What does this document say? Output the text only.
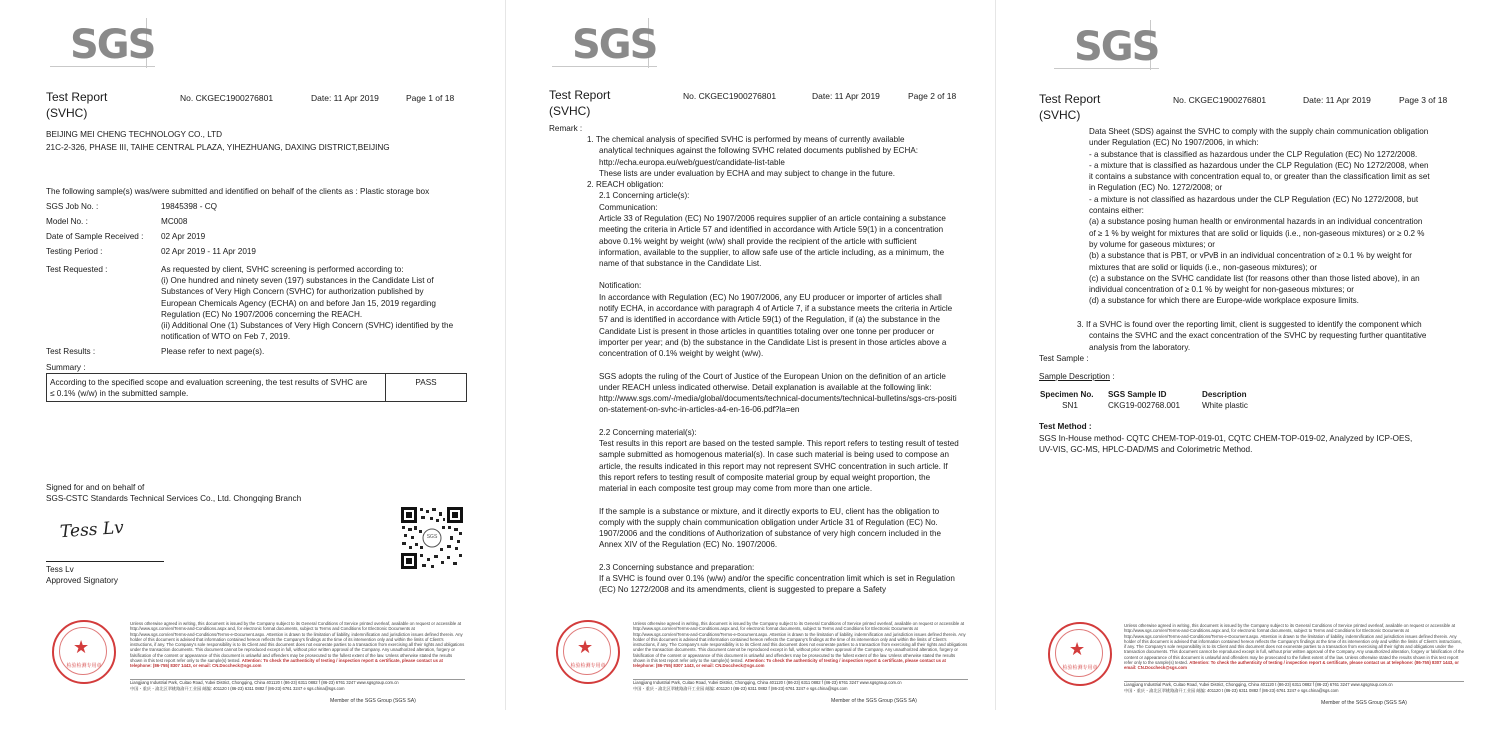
SGS
Test Report
(SVHC)
No. CKGEC1900276801	Date: 11 Apr 2019	Page 1 of 18
BEIJING MEI CHENG TECHNOLOGY CO., LTD
21C-2-326, PHASE III, TAIHE CENTRAL PLAZA, YIHEZHUANG, DAXING DISTRICT,BEIJING
The following sample(s) was/were submitted and identified on behalf of the clients as : Plastic storage box
SGS Job No. :	19845398 - CQ
Model No. :	MC008
Date of Sample Received : 02 Apr 2019
Testing Period :	02 Apr 2019 - 11 Apr 2019
Test Requested :	As requested by client, SVHC screening is performed according to:
(i) One hundred and ninety seven (197) substances in the Candidate List of
Substances of Very High Concern (SVHC) for authorization published by
European Chemicals Agency (ECHA) on and before Jan 15, 2019 regarding
Regulation (EC) No 1907/2006 concerning the REACH.
(ii) Additional One (1) Substances of Very High Concern (SVHC) identified by the
notification of WTO on Feb 7, 2019.
Test Results :	Please refer to next page(s).
Summary :
According to the specified scope and evaluation screening, the test results of SVHC are
≤ 0.1% (w/w) in the submitted sample.
PASS
Signed for and on behalf of
SGS-CSTC Standards Technical Services Co., Ltd. Chongqing Branch
Tess Lv
Tess Lv
Approved Signatory
SGS
★
检验检测专用章
Unless otherwise agreed in writing, this document is issued by the Company subject to its General Conditions of Service printed overleaf, available on request or accessible at http://www.sgs.com/en/Terms-and-Conditions.aspx and, for electronic format documents, subject to Terms and Conditions for Electronic Documents at http://www.sgs.com/en/Terms-and-Conditions/Terms-e-Document.aspx. Attention is drawn to the limitation of liability, indemnification and jurisdiction issues defined therein. Any holder of this document is advised that information contained hereon reflects the Company's findings at the time of its intervention only and within the limits of Client's instructions, if any. The Company's sole responsibility is to its Client and this document does not exonerate parties to a transaction from exercising all their rights and obligations under the transaction documents. This document cannot be reproduced except in full, without prior written approval of the Company. Any unauthorized alteration, forgery or falsification of the content or appearance of this document is unlawful and offenders may be prosecuted to the fullest extent of the law. Unless otherwise stated the results shown in this test report refer only to the sample(s) tested. Attention: To check the authenticity of testing / inspection report & certificate, please contact us at telephone: (86-755) 8307 1443, or email: CN.Doccheck@sgs.com
Liangjiang Industrial Park, Cuitao Road, Yubei District, Chongqing, China 401120 t (86-23) 6311 0882 f (86-23) 6761 3247 www.sgsgroup.com.cn
中国・重庆・渝北区翠桃路渝开工业园 邮编: 401120 t (86-23) 6311 0882 f (86-23) 6761 3247 e sgs.china@sgs.com
Member of the SGS Group (SGS SA)
SGS
Test Report
(SVHC)
No. CKGEC1900276801	Date: 11 Apr 2019	Page 2 of 18
Remark :
1. The chemical analysis of specified SVHC is performed by means of currently available
analytical techniques against the following SVHC related documents published by ECHA:
http://echa.europa.eu/web/guest/candidate-list-table
These lists are under evaluation by ECHA and may subject to change in the future.
2. REACH obligation:
2.1 Concerning article(s):
Communication:

Article 33 of Regulation (EC) No 1907/2006 requires supplier of an article containing a substance meeting the criteria in Article 57 and identified in accordance with Article 59(1) in a concentration above 0.1% weight by weight (w/w) shall provide the recipient of the article with sufficient information, available to the supplier, to allow safe use of the article including, as a minimum, the name of that substance in the Candidate List.

Notification:

In accordance with Regulation (EC) No 1907/2006, any EU producer or importer of articles shall notify ECHA, in accordance with paragraph 4 of Article 7, if a substance meets the criteria in Article 57 and is identified in accordance with Article 59(1) of the Regulation, if (a) the substance in the Candidate List is present in those articles in quantities totaling over one tonne per producer or importer per year; and (b) the substance in the Candidate List is present in those articles above a concentration of 0.1% weight by weight (w/w).

SGS adopts the ruling of the Court of Justice of the European Union on the definition of an article under REACH unless indicated otherwise. Detail explanation is available at the following link:

http://www.sgs.com/-/media/global/documents/technical-documents/technical-bulletins/sgs-crs-position-statement-on-svhc-in-articles-a4-en-16-06.pdf?la=en

2.2 Concerning material(s):

Test results in this report are based on the tested sample. This report refers to testing result of tested sample submitted as homogenous material(s). In case such material is being used to compose an article, the results indicated in this report may not represent SVHC concentration in such article. If this report refers to testing result of composite material group by equal weight proportion, the material in each composite test group may come from more than one article.

If the sample is a substance or mixture, and it directly exports to EU, client has the obligation to comply with the supply chain communication obligation under Article 31 of Regulation (EC) No. 1907/2006 and the conditions of Authorization of substance of very high concern included in the Annex XIV of the Regulation (EC) No. 1907/2006.

2.3 Concerning substance and preparation:
If a SVHC is found over 0.1% (w/w) and/or the specific concentration limit which is set in Regulation (EC) No 1272/2008 and its amendments, client is suggested to prepare a Safety
★
检验检测专用章
Unless otherwise agreed in writing, this document is issued by the Company subject to its General Conditions of Service printed overleaf, available on request or accessible at http://www.sgs.com/en/Terms-and-Conditions.aspx and, for electronic format documents, subject to Terms and Conditions for Electronic Documents at http://www.sgs.com/en/Terms-and-Conditions/Terms-e-Document.aspx. Attention is drawn to the limitation of liability, indemnification and jurisdiction issues defined therein. Any holder of this document is advised that information contained hereon reflects the Company's findings at the time of its intervention only and within the limits of Client's instructions, if any. The Company's sole responsibility is to its Client and this document does not exonerate parties to a transaction from exercising all their rights and obligations under the transaction documents. This document cannot be reproduced except in full, without prior written approval of the Company. Any unauthorized alteration, forgery or falsification of the content or appearance of this document is unlawful and offenders may be prosecuted to the fullest extent of the law. Unless otherwise stated the results shown in this test report refer only to the sample(s) tested. Attention: To check the authenticity of testing / inspection report & certificate, please contact us at telephone: (86-755) 8307 1443, or email: CN.Doccheck@sgs.com
Liangjiang Industrial Park, Cuitao Road, Yubei District, Chongqing, China 401120 t (86-23) 6311 0882 f (86-23) 6761 3247 www.sgsgroup.com.cn
中国・重庆・渝北区翠桃路渝开工业园 邮编: 401120 t (86-23) 6311 0882 f (86-23) 6761 3247 e sgs.china@sgs.com
Member of the SGS Group (SGS SA)
SGS
Test Report
(SVHC)
No. CKGEC1900276801	Date: 11 Apr 2019	Page 3 of 18
Data Sheet (SDS) against the SVHC to comply with the supply chain communication obligation
under Regulation (EC) No 1907/2006, in which:
- a substance that is classified as hazardous under the CLP Regulation (EC) No 1272/2008.
- a mixture that is classified as hazardous under the CLP Regulation (EC) No 1272/2008, when
it contains a substance with concentration equal to, or greater than the classification limit as set
in Regulation (EC) No. 1272/2008; or
- a mixture is not classified as hazardous under the CLP Regulation (EC) No 1272/2008, but
contains either:
(a) a substance posing human health or environmental hazards in an individual concentration
of ≥ 1 % by weight for mixtures that are solid or liquids (i.e., non-gaseous mixtures) or ≥ 0.2 %
by volume for gaseous mixtures; or
(b) a substance that is PBT, or vPvB in an individual concentration of ≥ 0.1 % by weight for
mixtures that are solid or liquids (i.e., non-gaseous mixtures); or
(c) a substance on the SVHC candidate list (for reasons other than those listed above), in an
individual concentration of ≥ 0.1 % by weight for non-gaseous mixtures; or
(d) a substance for which there are Europe-wide workplace exposure limits.
3. If a SVHC is found over the reporting limit, client is suggested to identify the component which
contains the SVHC and the exact concentration of the SVHC by requesting further quantitative
analysis from the laboratory.
Test Sample :
Sample Description :
Specimen No.	SGS Sample ID	Description
SN1	CKG19-002768.001	White plastic
Test Method :
SGS In-House method- CQTC CHEM-TOP-019-01, CQTC CHEM-TOP-019-02, Analyzed by ICP-OES,
UV-VIS, GC-MS, HPLC-DAD/MS and Colorimetric Method.
★
检验检测专用章
Unless otherwise agreed in writing, this document is issued by the Company subject to its General Conditions of Service printed overleaf, available on request or accessible at http://www.sgs.com/en/Terms-and-Conditions.aspx and, for electronic format documents, subject to Terms and Conditions for Electronic Documents at http://www.sgs.com/en/Terms-and-Conditions/Terms-e-Document.aspx. Attention is drawn to the limitation of liability, indemnification and jurisdiction issues defined therein. Any holder of this document is advised that information contained hereon reflects the Company's findings at the time of its intervention only and within the limits of Client's instructions, if any. The Company's sole responsibility is to its Client and this document does not exonerate parties to a transaction from exercising all their rights and obligations under the transaction documents. This document cannot be reproduced except in full, without prior written approval of the Company. Any unauthorized alteration, forgery or falsification of the content or appearance of this document is unlawful and offenders may be prosecuted to the fullest extent of the law. Unless otherwise stated the results shown in this test report refer only to the sample(s) tested. Attention: To check the authenticity of testing / inspection report & certificate, please contact us at telephone: (86-755) 8307 1443, or email: CN.Doccheck@sgs.com
Liangjiang Industrial Park, Cuitao Road, Yubei District, Chongqing, China 401120 t (86-23) 6311 0882 f (86-23) 6761 3247 www.sgsgroup.com.cn
中国・重庆・渝北区翠桃路渝开工业园 邮编: 401120 t (86-23) 6311 0882 f (86-23) 6761 3247 e sgs.china@sgs.com
Member of the SGS Group (SGS SA)
